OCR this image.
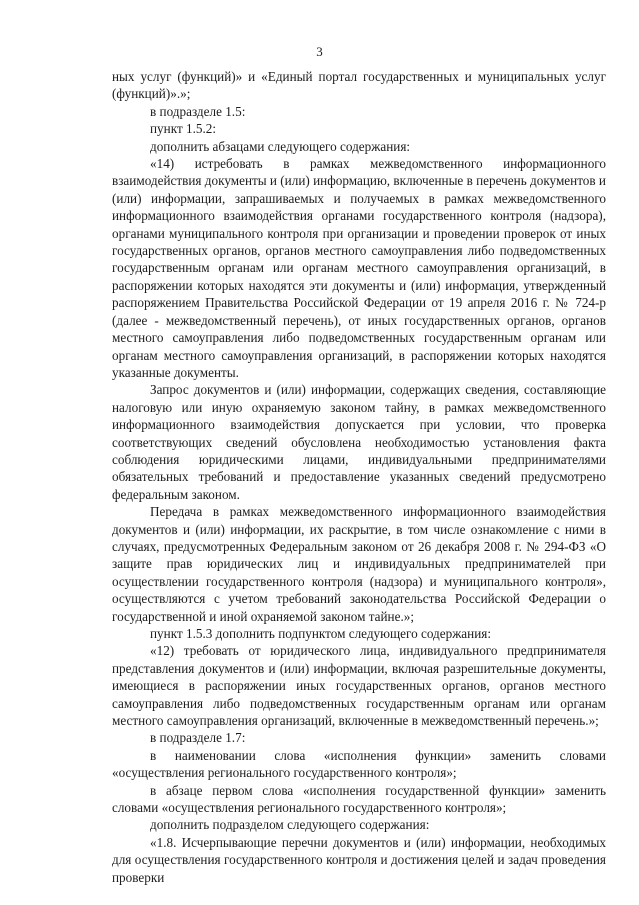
3

ных услуг (функций)» и «Единый портал государственных и муниципальных услуг (функций)».»;

в подразделе 1.5:

пункт 1.5.2:

дополнить абзацами следующего содержания:

«14) истребовать в рамках межведомственного информационного взаимодействия документы и (или) информацию, включенные в перечень документов и (или) информации, запрашиваемых и получаемых в рамках межведомственного информационного взаимодействия органами государственного контроля (надзора), органами муниципального контроля при организации и проведении проверок от иных государственных органов, органов местного самоуправления либо подведомственных государственным органам или органам местного самоуправления организаций, в распоряжении которых находятся эти документы и (или) информация, утвержденный распоряжением Правительства Российской Федерации от 19 апреля 2016 г. № 724-р (далее - межведомственный перечень), от иных государственных органов, органов местного самоуправления либо подведомственных государственным органам или органам местного самоуправления организаций, в распоряжении которых находятся указанные документы.

Запрос документов и (или) информации, содержащих сведения, составляющие налоговую или иную охраняемую законом тайну, в рамках межведомственного информационного взаимодействия допускается при условии, что проверка соответствующих сведений обусловлена необходимостью установления факта соблюдения юридическими лицами, индивидуальными предпринимателями обязательных требований и предоставление указанных сведений предусмотрено федеральным законом.

Передача в рамках межведомственного информационного взаимодействия документов и (или) информации, их раскрытие, в том числе ознакомление с ними в случаях, предусмотренных Федеральным законом от 26 декабря 2008 г. № 294-ФЗ «О защите прав юридических лиц и индивидуальных предпринимателей при осуществлении государственного контроля (надзора) и муниципального контроля», осуществляются с учетом требований законодательства Российской Федерации о государственной и иной охраняемой законом тайне.»;

пункт 1.5.3 дополнить подпунктом следующего содержания:

«12) требовать от юридического лица, индивидуального предпринимателя представления документов и (или) информации, включая разрешительные документы, имеющиеся в распоряжении иных государственных органов, органов местного самоуправления либо подведомственных государственным органам или органам местного самоуправления организаций, включенные в межведомственный перечень.»;

в подразделе 1.7:

в наименовании слова «исполнения функции» заменить словами «осуществления регионального государственного контроля»;

в абзаце первом слова «исполнения государственной функции» заменить словами «осуществления регионального государственного контроля»;

дополнить подразделом следующего содержания:

«1.8. Исчерпывающие перечни документов и (или) информации, необходимых для осуществления государственного контроля и достижения целей и задач проведения проверки
